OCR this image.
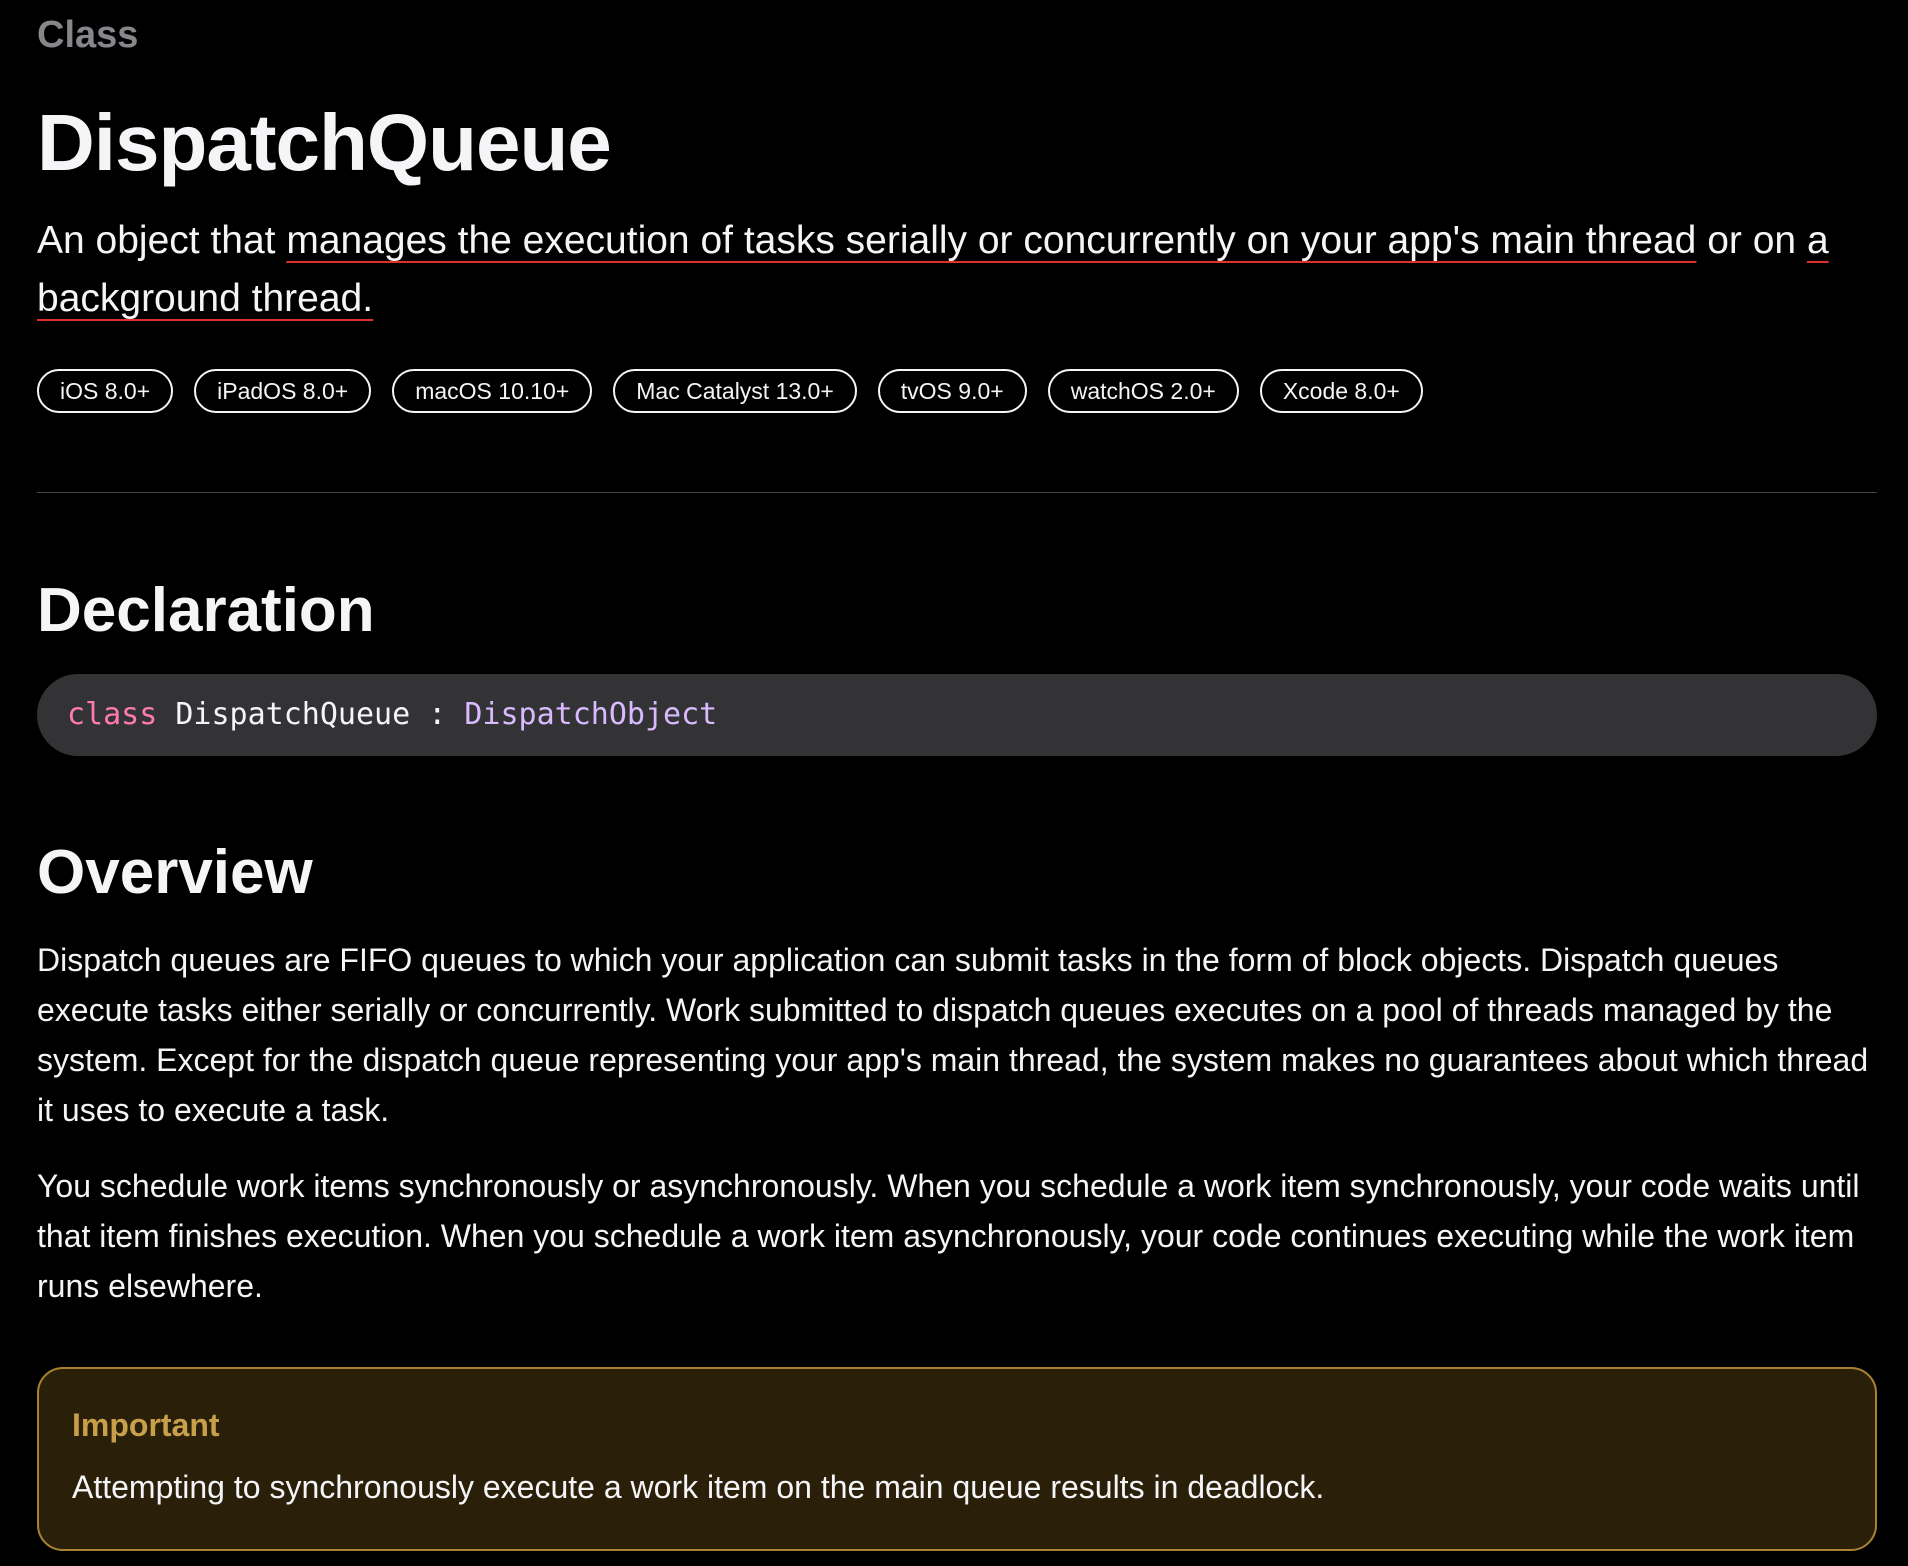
Class
DispatchQueue
An object that manages the execution of tasks serially or concurrently on your app's main thread or on a background thread.
iOS 8.0+	iPadOS 8.0+	macOS 10.10+	Mac Catalyst 13.0+	tvOS 9.0+	watchOS 2.0+	Xcode 8.0+
Declaration
class DispatchQueue : DispatchObject
Overview

Dispatch queues are FIFO queues to which your application can submit tasks in the form of block objects. Dispatch queues execute tasks either serially or concurrently. Work submitted to dispatch queues executes on a pool of threads managed by the system. Except for the dispatch queue representing your app's main thread, the system makes no guarantees about which thread it uses to execute a task.

You schedule work items synchronously or asynchronously. When you schedule a work item synchronously, your code waits until that item finishes execution. When you schedule a work item asynchronously, your code continues executing while the work item runs elsewhere.

Important
Attempting to synchronously execute a work item on the main queue results in deadlock.
